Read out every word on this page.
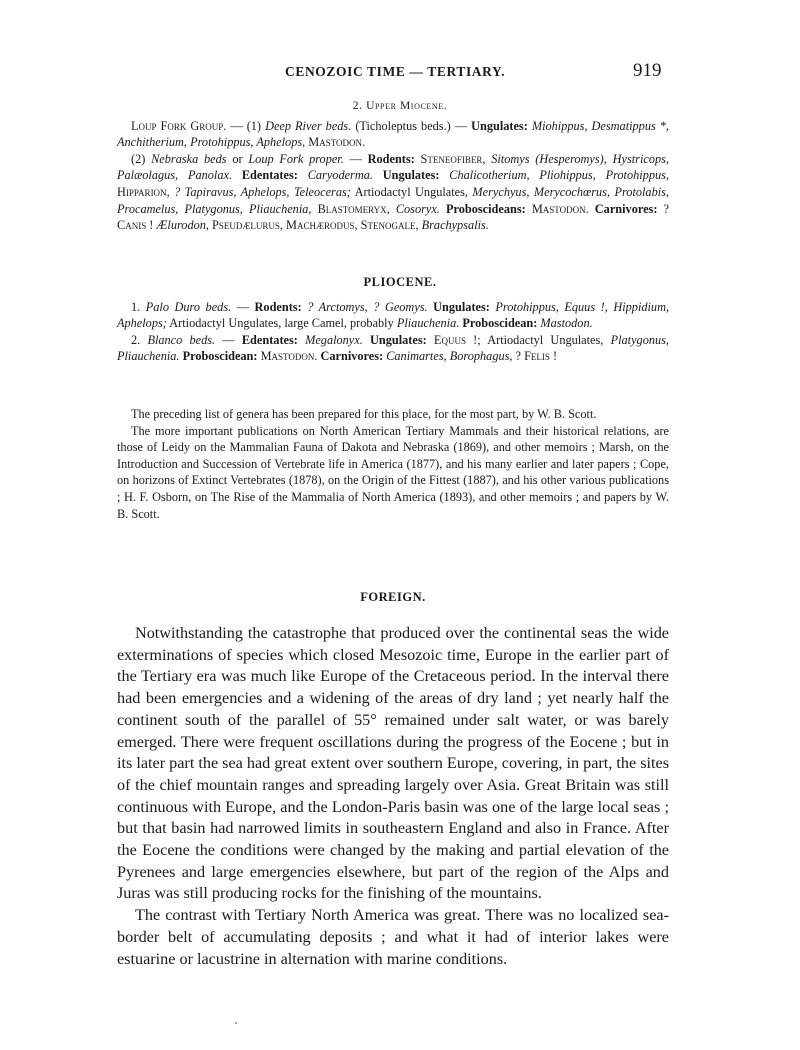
CENOZOIC TIME — TERTIARY.	919

2. Upper Miocene.

Loup Fork Group. — (1) Deep River beds. (Ticholeptus beds.) — Ungulates: Miohippus, Desmatippus *, Anchitherium, Protohippus, Aphelops, Mastodon.

(2) Nebraska beds or Loup Fork proper. — Rodents: Steneofiber, Sitomys (Hesperomys), Hystricops, Palæolagus, Panolax. Edentates: Caryoderma. Ungulates: Chalicotherium, Pliohippus, Protohippus, Hipparion, ? Tapiravus, Aphelops, Teleoceras; Artiodactyl Ungulates, Merychyus, Merycochœrus, Protolabis, Procamelus, Platygonus, Pliauchenia, Blastomeryx, Cosoryx. Proboscideans: Mastodon. Carnivores: ? Canis ! Ælurodon, Pseudælurus, Machærodus, Stenogale, Brachypsalis.

PLIOCENE.

1. Palo Duro beds. — Rodents: ? Arctomys, ? Geomys. Ungulates: Protohippus, Equus !, Hippidium, Aphelops; Artiodactyl Ungulates, large Camel, probably Pliauchenia. Proboscidean: Mastodon.

2. Blanco beds. — Edentates: Megalonyx. Ungulates: Equus !; Artiodactyl Ungulates, Platygonus, Pliauchenia. Proboscidean: Mastodon. Carnivores: Canimartes, Borophagus, ? Felis !

The preceding list of genera has been prepared for this place, for the most part, by W. B. Scott.

The more important publications on North American Tertiary Mammals and their historical relations, are those of Leidy on the Mammalian Fauna of Dakota and Nebraska (1869), and other memoirs ; Marsh, on the Introduction and Succession of Vertebrate life in America (1877), and his many earlier and later papers ; Cope, on horizons of Extinct Vertebrates (1878), on the Origin of the Fittest (1887), and his other various publications ; H. F. Osborn, on The Rise of the Mammalia of North America (1893), and other memoirs ; and papers by W. B. Scott.

FOREIGN.

Notwithstanding the catastrophe that produced over the continental seas the wide exterminations of species which closed Mesozoic time, Europe in the earlier part of the Tertiary era was much like Europe of the Cretaceous period. In the interval there had been emergencies and a widening of the areas of dry land ; yet nearly half the continent south of the parallel of 55° remained under salt water, or was barely emerged. There were frequent oscillations during the progress of the Eocene ; but in its later part the sea had great extent over southern Europe, covering, in part, the sites of the chief mountain ranges and spreading largely over Asia. Great Britain was still continuous with Europe, and the London-Paris basin was one of the large local seas ; but that basin had narrowed limits in southeastern England and also in France. After the Eocene the conditions were changed by the making and partial elevation of the Pyrenees and large emergencies elsewhere, but part of the region of the Alps and Juras was still producing rocks for the finishing of the mountains.

The contrast with Tertiary North America was great. There was no localized sea-border belt of accumulating deposits ; and what it had of interior lakes were estuarine or lacustrine in alternation with marine conditions.
